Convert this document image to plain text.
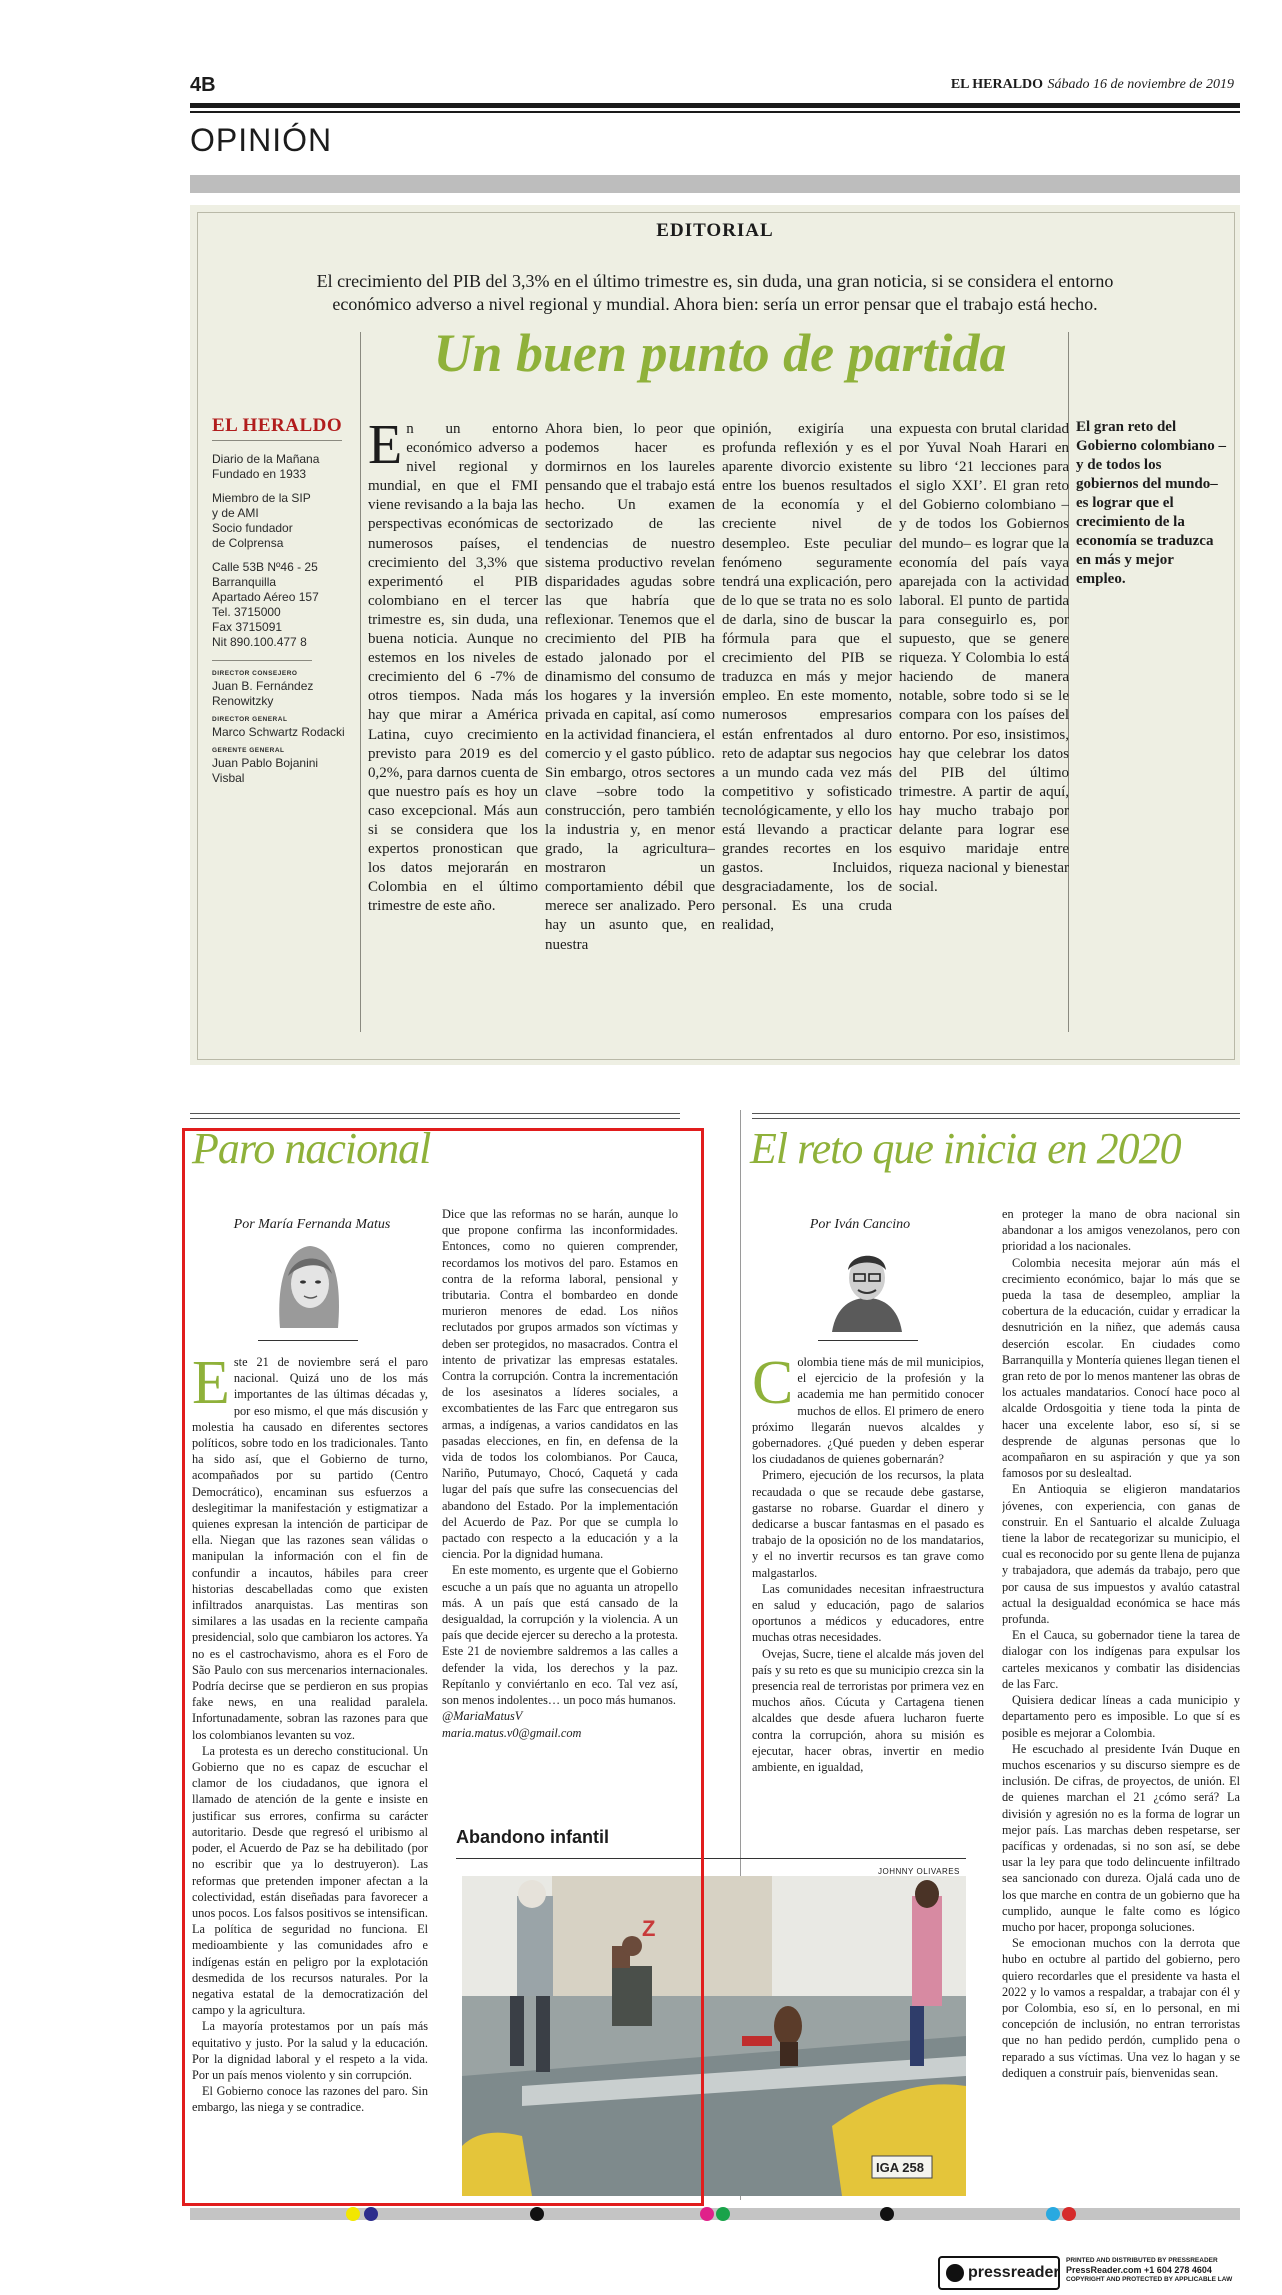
4B	EL HERALDO Sábado 16 de noviembre de 2019
OPINIÓN
EDITORIAL
El crecimiento del PIB del 3,3% en el último trimestre es, sin duda, una gran noticia, si se considera el entorno económico adverso a nivel regional y mundial. Ahora bien: sería un error pensar que el trabajo está hecho.
Un buen punto de partida
EL HERALDO
Diario de la Mañana
Fundado en 1933
Miembro de la SIP
y de AMI
Socio fundador
de Colprensa
Calle 53B Nº46 - 25
Barranquilla
Apartado Aéreo 157
Tel. 3715000
Fax 3715091
Nit 890.100.477 8
DIRECTOR CONSEJERO
Juan B. Fernández Renowitzky
DIRECTOR GENERAL
Marco Schwartz Rodacki
GERENTE GENERAL
Juan Pablo Bojanini Visbal
En un entorno económico adverso a nivel regional y mundial, en que el FMI viene revisando a la baja las perspectivas económicas de numerosos países, el crecimiento del 3,3% que experimentó el PIB colombiano en el tercer trimestre es, sin duda, una buena noticia. Aunque no estemos en los niveles de crecimiento del 6 -7% de otros tiempos. Nada más hay que mirar a América Latina, cuyo crecimiento previsto para 2019 es del 0,2%, para darnos cuenta de que nuestro país es hoy un caso excepcional. Más aun si se considera que los expertos pronostican que los datos mejorarán en Colombia en el último trimestre de este año.
Ahora bien, lo peor que podemos hacer es dormirnos en los laureles pensando que el trabajo está hecho. Un examen sectorizado de las tendencias de nuestro sistema productivo revelan disparidades agudas sobre las que habría que reflexionar. Tenemos que el crecimiento del PIB ha estado jalonado por el dinamismo del consumo de los hogares y la inversión privada en capital, así como en la actividad financiera, el comercio y el gasto público. Sin embargo, otros sectores clave –sobre todo la construcción, pero también la industria y, en menor grado, la agricultura– mostraron un comportamiento débil que merece ser analizado. Pero hay un asunto que, en nuestra
opinión, exigiría una profunda reflexión y es el aparente divorcio existente entre los buenos resultados de la economía y el creciente nivel de desempleo. Este peculiar fenómeno seguramente tendrá una explicación, pero de lo que se trata no es solo de darla, sino de buscar la fórmula para que el crecimiento del PIB se traduzca en más y mejor empleo. En este momento, numerosos empresarios están enfrentados al duro reto de adaptar sus negocios a un mundo cada vez más competitivo y sofisticado tecnológicamente, y ello los está llevando a practicar grandes recortes en los gastos. Incluidos, desgraciadamente, los de personal. Es una cruda realidad,
expuesta con brutal claridad por Yuval Noah Harari en su libro ‘21 lecciones para el siglo XXI’. El gran reto del Gobierno colombiano –y de todos los Gobiernos del mundo– es lograr que la economía del país vaya aparejada con la actividad laboral. El punto de partida para conseguirlo es, por supuesto, que se genere riqueza. Y Colombia lo está haciendo de manera notable, sobre todo si se le compara con los países del entorno. Por eso, insistimos, hay que celebrar los datos del PIB del último trimestre. A partir de aquí, hay mucho trabajo por delante para lograr ese esquivo maridaje entre riqueza nacional y bienestar social.
El gran reto del Gobierno colombiano –y de todos los gobiernos del mundo– es lograr que el crecimiento de la economía se traduzca en más y mejor empleo.
Paro nacional
Por María Fernanda Matus

Este 21 de noviembre será el paro nacional. Quizá uno de los más importantes de las últimas décadas y, por eso mismo, el que más discusión y molestia ha causado en diferentes sectores políticos, sobre todo en los tradicionales. Tanto ha sido así, que el Gobierno de turno, acompañados por su partido (Centro Democrático), encaminan sus esfuerzos a deslegitimar la manifestación y estigmatizar a quienes expresan la intención de participar de ella. Niegan que las razones sean válidas o manipulan la información con el fin de confundir a incautos, hábiles para creer historias descabelladas como que existen infiltrados anarquistas. Las mentiras son similares a las usadas en la reciente campaña presidencial, solo que cambiaron los actores. Ya no es el castrochavismo, ahora es el Foro de São Paulo con sus mercenarios internacionales. Podría decirse que se perdieron en sus propias fake news, en una realidad paralela. Infortunadamente, sobran las razones para que los colombianos levanten su voz.

La protesta es un derecho constitucional. Un Gobierno que no es capaz de escuchar el clamor de los ciudadanos, que ignora el llamado de atención de la gente e insiste en justificar sus errores, confirma su carácter autoritario. Desde que regresó el uribismo al poder, el Acuerdo de Paz se ha debilitado (por no escribir que ya lo destruyeron). Las reformas que pretenden imponer afectan a la colectividad, están diseñadas para favorecer a unos pocos. Los falsos positivos se intensifican. La política de seguridad no funciona. El medioambiente y las comunidades afro e indígenas están en peligro por la explotación desmedida de los recursos naturales. Por la negativa estatal de la democratización del campo y la agricultura.

La mayoría protestamos por un país más equitativo y justo. Por la salud y la educación. Por la dignidad laboral y el respeto a la vida. Por un país menos violento y sin corrupción.

El Gobierno conoce las razones del paro. Sin embargo, las niega y se contradice.

Dice que las reformas no se harán, aunque lo que propone confirma las inconformidades. Entonces, como no quieren comprender, recordamos los motivos del paro. Estamos en contra de la reforma laboral, pensional y tributaria. Contra el bombardeo en donde murieron menores de edad. Los niños reclutados por grupos armados son víctimas y deben ser protegidos, no masacrados. Contra el intento de privatizar las empresas estatales. Contra la corrupción. Contra la incrementación de los asesinatos a líderes sociales, a excombatientes de las Farc que entregaron sus armas, a indígenas, a varios candidatos en las pasadas elecciones, en fin, en defensa de la vida de todos los colombianos. Por Cauca, Nariño, Putumayo, Chocó, Caquetá y cada lugar del país que sufre las consecuencias del abandono del Estado. Por la implementación del Acuerdo de Paz. Por que se cumpla lo pactado con respecto a la educación y a la ciencia. Por la dignidad humana.

En este momento, es urgente que el Gobierno escuche a un país que no aguanta un atropello más. A un país que está cansado de la desigualdad, la corrupción y la violencia. A un país que decide ejercer su derecho a la protesta. Este 21 de noviembre saldremos a las calles a defender la vida, los derechos y la paz. Repítanlo y conviértanlo en eco. Tal vez así, son menos indolentes… un poco más humanos.

@MariaMatusV

maria.matus.v0@gmail.com

Abandono infantil
JOHNNY OLIVARES
Z
IGA 258
El reto que inicia en 2020
Por Iván Cancino

Colombia tiene más de mil municipios, el ejercicio de la profesión y la academia me han permitido conocer muchos de ellos. El primero de enero próximo llegarán nuevos alcaldes y gobernadores. ¿Qué pueden y deben esperar los ciudadanos de quienes gobernarán?

Primero, ejecución de los recursos, la plata recaudada o que se recaude debe gastarse, gastarse no robarse. Guardar el dinero y dedicarse a buscar fantasmas en el pasado es trabajo de la oposición no de los mandatarios, y el no invertir recursos es tan grave como malgastarlos.

Las comunidades necesitan infraestructura en salud y educación, pago de salarios oportunos a médicos y educadores, entre muchas otras necesidades.

Ovejas, Sucre, tiene el alcalde más joven del país y su reto es que su municipio crezca sin la presencia real de terroristas por primera vez en muchos años. Cúcuta y Cartagena tienen alcaldes que desde afuera lucharon fuerte contra la corrupción, ahora su misión es ejecutar, hacer obras, invertir en medio ambiente, en igualdad,

en proteger la mano de obra nacional sin abandonar a los amigos venezolanos, pero con prioridad a los nacionales.

Colombia necesita mejorar aún más el crecimiento económico, bajar lo más que se pueda la tasa de desempleo, ampliar la cobertura de la educación, cuidar y erradicar la desnutrición en la niñez, que además causa deserción escolar. En ciudades como Barranquilla y Montería quienes llegan tienen el gran reto de por lo menos mantener las obras de los actuales mandatarios. Conocí hace poco al alcalde Ordosgoitia y tiene toda la pinta de hacer una excelente labor, eso sí, si se desprende de algunas personas que lo acompañaron en su aspiración y que ya son famosos por su deslealtad.

En Antioquia se eligieron mandatarios jóvenes, con experiencia, con ganas de construir. En el Santuario el alcalde Zuluaga tiene la labor de recategorizar su municipio, el cual es reconocido por su gente llena de pujanza y trabajadora, que además da trabajo, pero que por causa de sus impuestos y avalúo catastral actual la desigualdad económica se hace más profunda.

En el Cauca, su gobernador tiene la tarea de dialogar con los indígenas para expulsar los carteles mexicanos y combatir las disidencias de las Farc.

Quisiera dedicar líneas a cada municipio y departamento pero es imposible. Lo que sí es posible es mejorar a Colombia.

He escuchado al presidente Iván Duque en muchos escenarios y su discurso siempre es de inclusión. De cifras, de proyectos, de unión. El de quienes marchan el 21 ¿cómo será? La división y agresión no es la forma de lograr un mejor país. Las marchas deben respetarse, ser pacíficas y ordenadas, si no son así, se debe usar la ley para que todo delincuente infiltrado sea sancionado con dureza. Ojalá cada uno de los que marche en contra de un gobierno que ha cumplido, aunque le falte como es lógico mucho por hacer, proponga soluciones.

Se emocionan muchos con la derrota que hubo en octubre al partido del gobierno, pero quiero recordarles que el presidente va hasta el 2022 y lo vamos a respaldar, a trabajar con él y por Colombia, eso sí, en lo personal, en mi concepción de inclusión, no entran terroristas que no han pedido perdón, cumplido pena o reparado a sus víctimas. Una vez lo hagan y se dediquen a construir país, bienvenidas sean.

pressreader
PRINTED AND DISTRIBUTED BY PRESSREADER
PressReader.com +1 604 278 4604
COPYRIGHT AND PROTECTED BY APPLICABLE LAW
